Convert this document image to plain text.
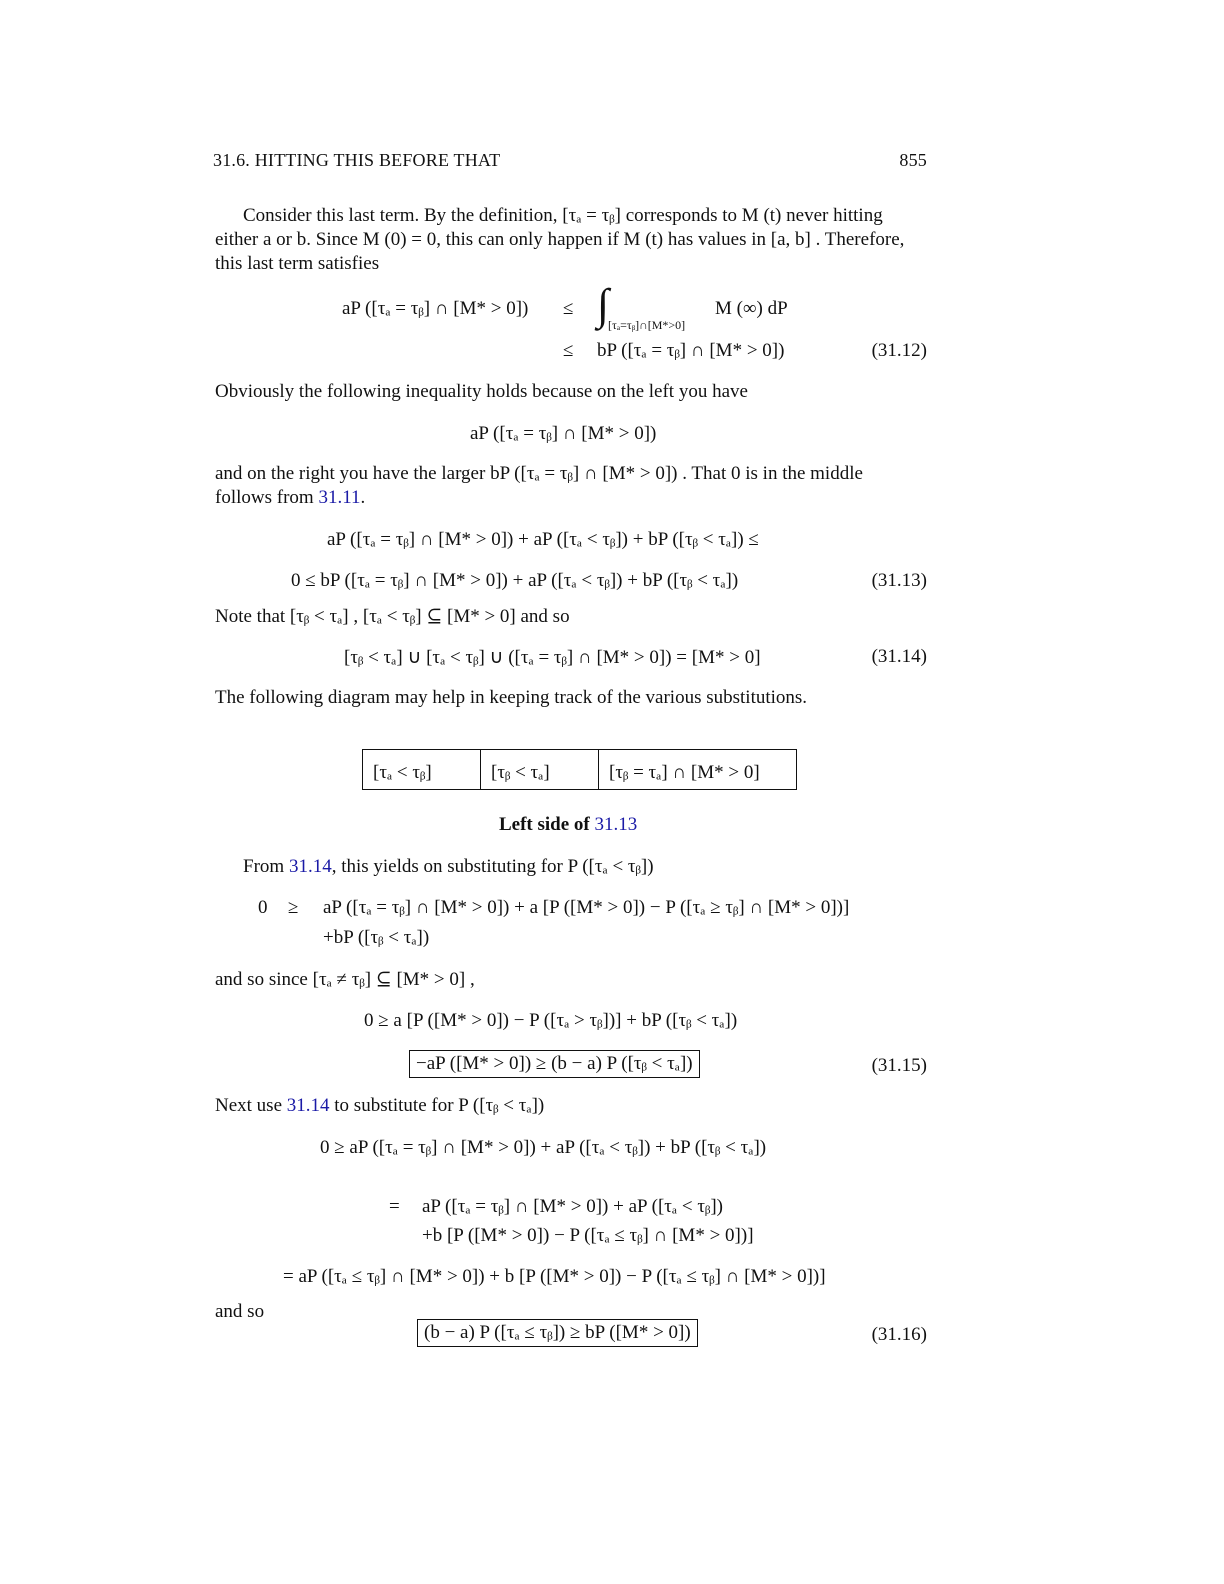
31.6. HITTING THIS BEFORE THAT	855
Consider this last term. By the definition, [τₐ = τᵦ] corresponds to M (t) never hitting
either a or b. Since M (0) = 0, this can only happen if M (t) has values in [a, b] . Therefore,
this last term satisfies
aP ([τₐ = τᵦ] ∩ [M* > 0]) ≤ ∫
[τₐ=τᵦ]∩[M*>0]
M (∞) dP
≤ bP ([τₐ = τᵦ] ∩ [M* > 0])	(31.12)
Obviously the following inequality holds because on the left you have
aP ([τₐ = τᵦ] ∩ [M* > 0])
and on the right you have the larger bP ([τₐ = τᵦ] ∩ [M* > 0]) . That 0 is in the middle
follows from 31.11.
aP ([τₐ = τᵦ] ∩ [M* > 0]) + aP ([τₐ < τᵦ]) + bP ([τᵦ < τₐ]) ≤
0 ≤ bP ([τₐ = τᵦ] ∩ [M* > 0]) + aP ([τₐ < τᵦ]) + bP ([τᵦ < τₐ])	(31.13)
Note that [τᵦ < τₐ] , [τₐ < τᵦ] ⊆ [M* > 0] and so
[τᵦ < τₐ] ∪ [τₐ < τᵦ] ∪ ([τₐ = τᵦ] ∩ [M* > 0]) = [M* > 0]	(31.14)
The following diagram may help in keeping track of the various substitutions.
[τₐ < τᵦ]	[τᵦ < τₐ]	[τᵦ = τₐ] ∩ [M* > 0]
Left side of 31.13
From 31.14, this yields on substituting for P ([τₐ < τᵦ])
0 ≥ aP ([τₐ = τᵦ] ∩ [M* > 0]) + a [P ([M* > 0]) − P ([τₐ ≥ τᵦ] ∩ [M* > 0])]
+bP ([τᵦ < τₐ])
and so since [τₐ ≠ τᵦ] ⊆ [M* > 0] ,
0 ≥ a [P ([M* > 0]) − P ([τₐ > τᵦ])] + bP ([τᵦ < τₐ])
−aP ([M* > 0]) ≥ (b − a) P ([τᵦ < τₐ])	(31.15)
Next use 31.14 to substitute for P ([τᵦ < τₐ])
0 ≥ aP ([τₐ = τᵦ] ∩ [M* > 0]) + aP ([τₐ < τᵦ]) + bP ([τᵦ < τₐ])
= aP ([τₐ = τᵦ] ∩ [M* > 0]) + aP ([τₐ < τᵦ])
+b [P ([M* > 0]) − P ([τₐ ≤ τᵦ] ∩ [M* > 0])]
= aP ([τₐ ≤ τᵦ] ∩ [M* > 0]) + b [P ([M* > 0]) − P ([τₐ ≤ τᵦ] ∩ [M* > 0])]
and so
(b − a) P ([τₐ ≤ τᵦ]) ≥ bP ([M* > 0])	(31.16)
